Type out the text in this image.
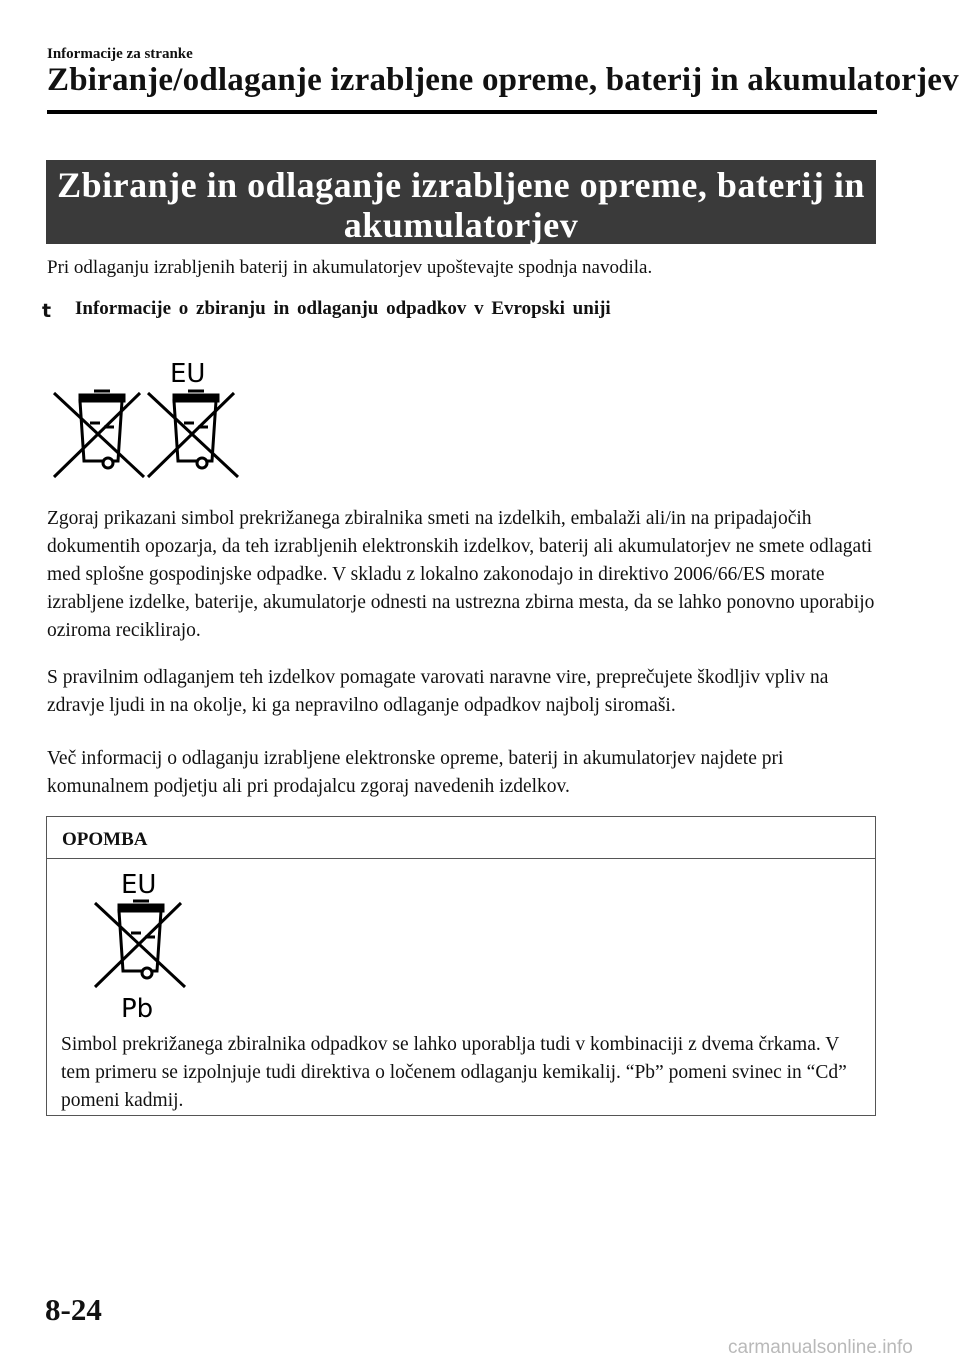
Informacije za stranke
Zbiranje/odlaganje izrabljene opreme, baterij in akumulatorjev
Zbiranje in odlaganje izrabljene opreme, baterij in
akumulatorjev
Pri odlaganju izrabljenih baterij in akumulatorjev upoštevajte spodnja navodila.
t Informacije o zbiranju in odlaganju odpadkov v Evropski uniji
EU
Zgoraj prikazani simbol prekrižanega zbiralnika smeti na izdelkih, embalaži ali/in na pripadajočih dokumentih opozarja, da teh izrabljenih elektronskih izdelkov, baterij ali akumulatorjev ne smete odlagati med splošne gospodinjske odpadke. V skladu z lokalno zakonodajo in direktivo 2006/66/ES morate izrabljene izdelke, baterije, akumulatorje odnesti na ustrezna zbirna mesta, da se lahko ponovno uporabijo oziroma reciklirajo.
S pravilnim odlaganjem teh izdelkov pomagate varovati naravne vire, preprečujete škodljiv vpliv na zdravje ljudi in na okolje, ki ga nepravilno odlaganje odpadkov najbolj siromaši.
Več informacij o odlaganju izrabljene elektronske opreme, baterij in akumulatorjev najdete pri komunalnem podjetju ali pri prodajalcu zgoraj navedenih izdelkov.
OPOMBA
EU
Pb
Simbol prekrižanega zbiralnika odpadkov se lahko uporablja tudi v kombinaciji z dvema črkama. V tem primeru se izpolnjuje tudi direktiva o ločenem odlaganju kemikalij. “Pb” pomeni svinec in “Cd” pomeni kadmij.
8-24
carmanualsonline.info
